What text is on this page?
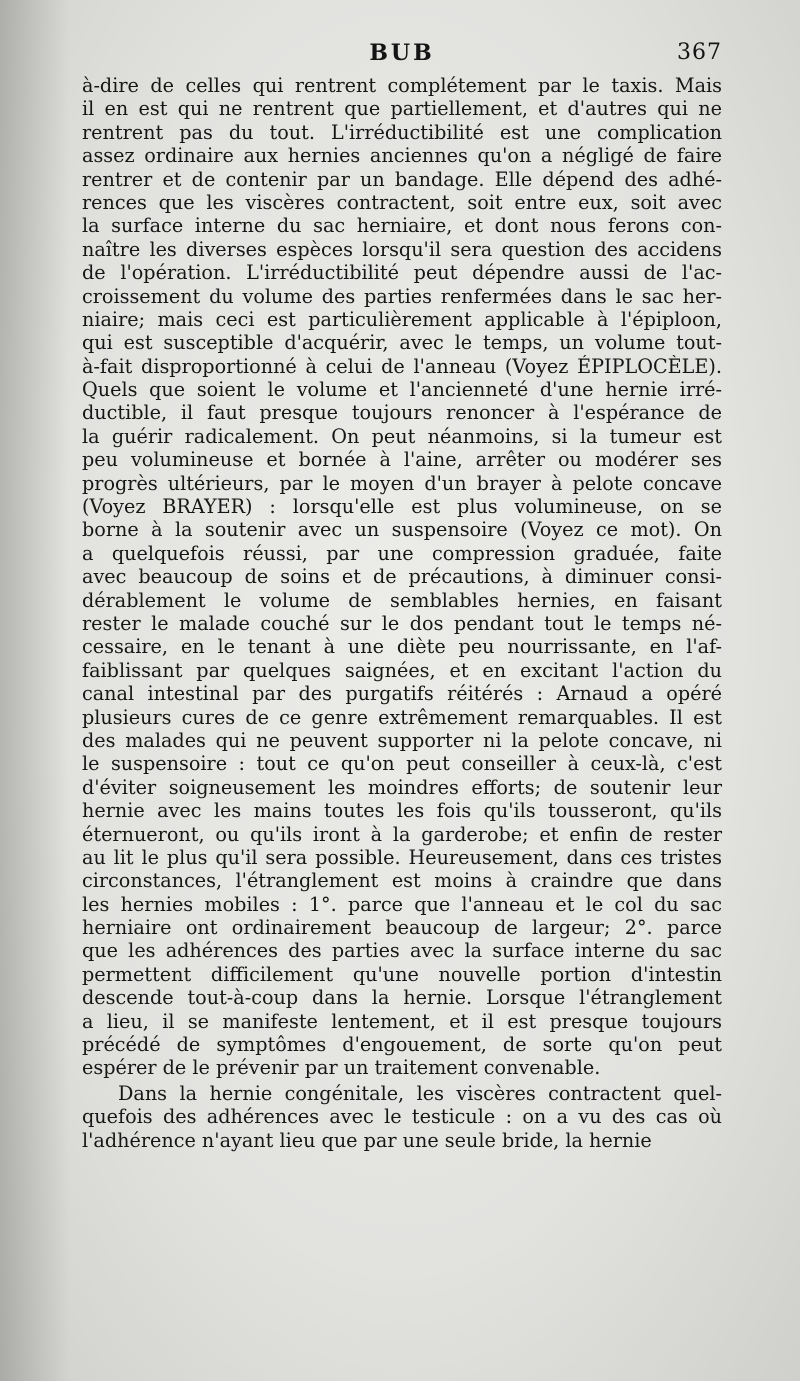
BUB	367
à-dire de celles qui rentrent complétement par le taxis. Mais
il en est qui ne rentrent que partiellement, et d'autres qui ne
rentrent pas du tout. L'irréductibilité est une complication
assez ordinaire aux hernies anciennes qu'on a négligé de faire
rentrer et de contenir par un bandage. Elle dépend des adhé-
rences que les viscères contractent, soit entre eux, soit avec
la surface interne du sac herniaire, et dont nous ferons con-
naître les diverses espèces lorsqu'il sera question des accidens
de l'opération. L'irréductibilité peut dépendre aussi de l'ac-
croissement du volume des parties renfermées dans le sac her-
niaire; mais ceci est particulièrement applicable à l'épiploon,
qui est susceptible d'acquérir, avec le temps, un volume tout-
à-fait disproportionné à celui de l'anneau (Voyez ÉPIPLOCÈLE).
Quels que soient le volume et l'ancienneté d'une hernie irré-
ductible, il faut presque toujours renoncer à l'espérance de
la guérir radicalement. On peut néanmoins, si la tumeur est
peu volumineuse et bornée à l'aine, arrêter ou modérer ses
progrès ultérieurs, par le moyen d'un brayer à pelote concave
(Voyez BRAYER) : lorsqu'elle est plus volumineuse, on se
borne à la soutenir avec un suspensoire (Voyez ce mot). On
a quelquefois réussi, par une compression graduée, faite
avec beaucoup de soins et de précautions, à diminuer consi-
dérablement le volume de semblables hernies, en faisant
rester le malade couché sur le dos pendant tout le temps né-
cessaire, en le tenant à une diète peu nourrissante, en l'af-
faiblissant par quelques saignées, et en excitant l'action du
canal intestinal par des purgatifs réitérés : Arnaud a opéré
plusieurs cures de ce genre extrêmement remarquables. Il est
des malades qui ne peuvent supporter ni la pelote concave, ni
le suspensoire : tout ce qu'on peut conseiller à ceux-là, c'est
d'éviter soigneusement les moindres efforts; de soutenir leur
hernie avec les mains toutes les fois qu'ils tousseront, qu'ils
éternueront, ou qu'ils iront à la garderobe; et enfin de rester
au lit le plus qu'il sera possible. Heureusement, dans ces tristes
circonstances, l'étranglement est moins à craindre que dans
les hernies mobiles : 1°. parce que l'anneau et le col du sac
herniaire ont ordinairement beaucoup de largeur; 2°. parce
que les adhérences des parties avec la surface interne du sac
permettent difficilement qu'une nouvelle portion d'intestin
descende tout-à-coup dans la hernie. Lorsque l'étranglement
a lieu, il se manifeste lentement, et il est presque toujours
précédé de symptômes d'engouement, de sorte qu'on peut
espérer de le prévenir par un traitement convenable.
Dans la hernie congénitale, les viscères contractent quel-
quefois des adhérences avec le testicule : on a vu des cas où
l'adhérence n'ayant lieu que par une seule bride, la hernie
